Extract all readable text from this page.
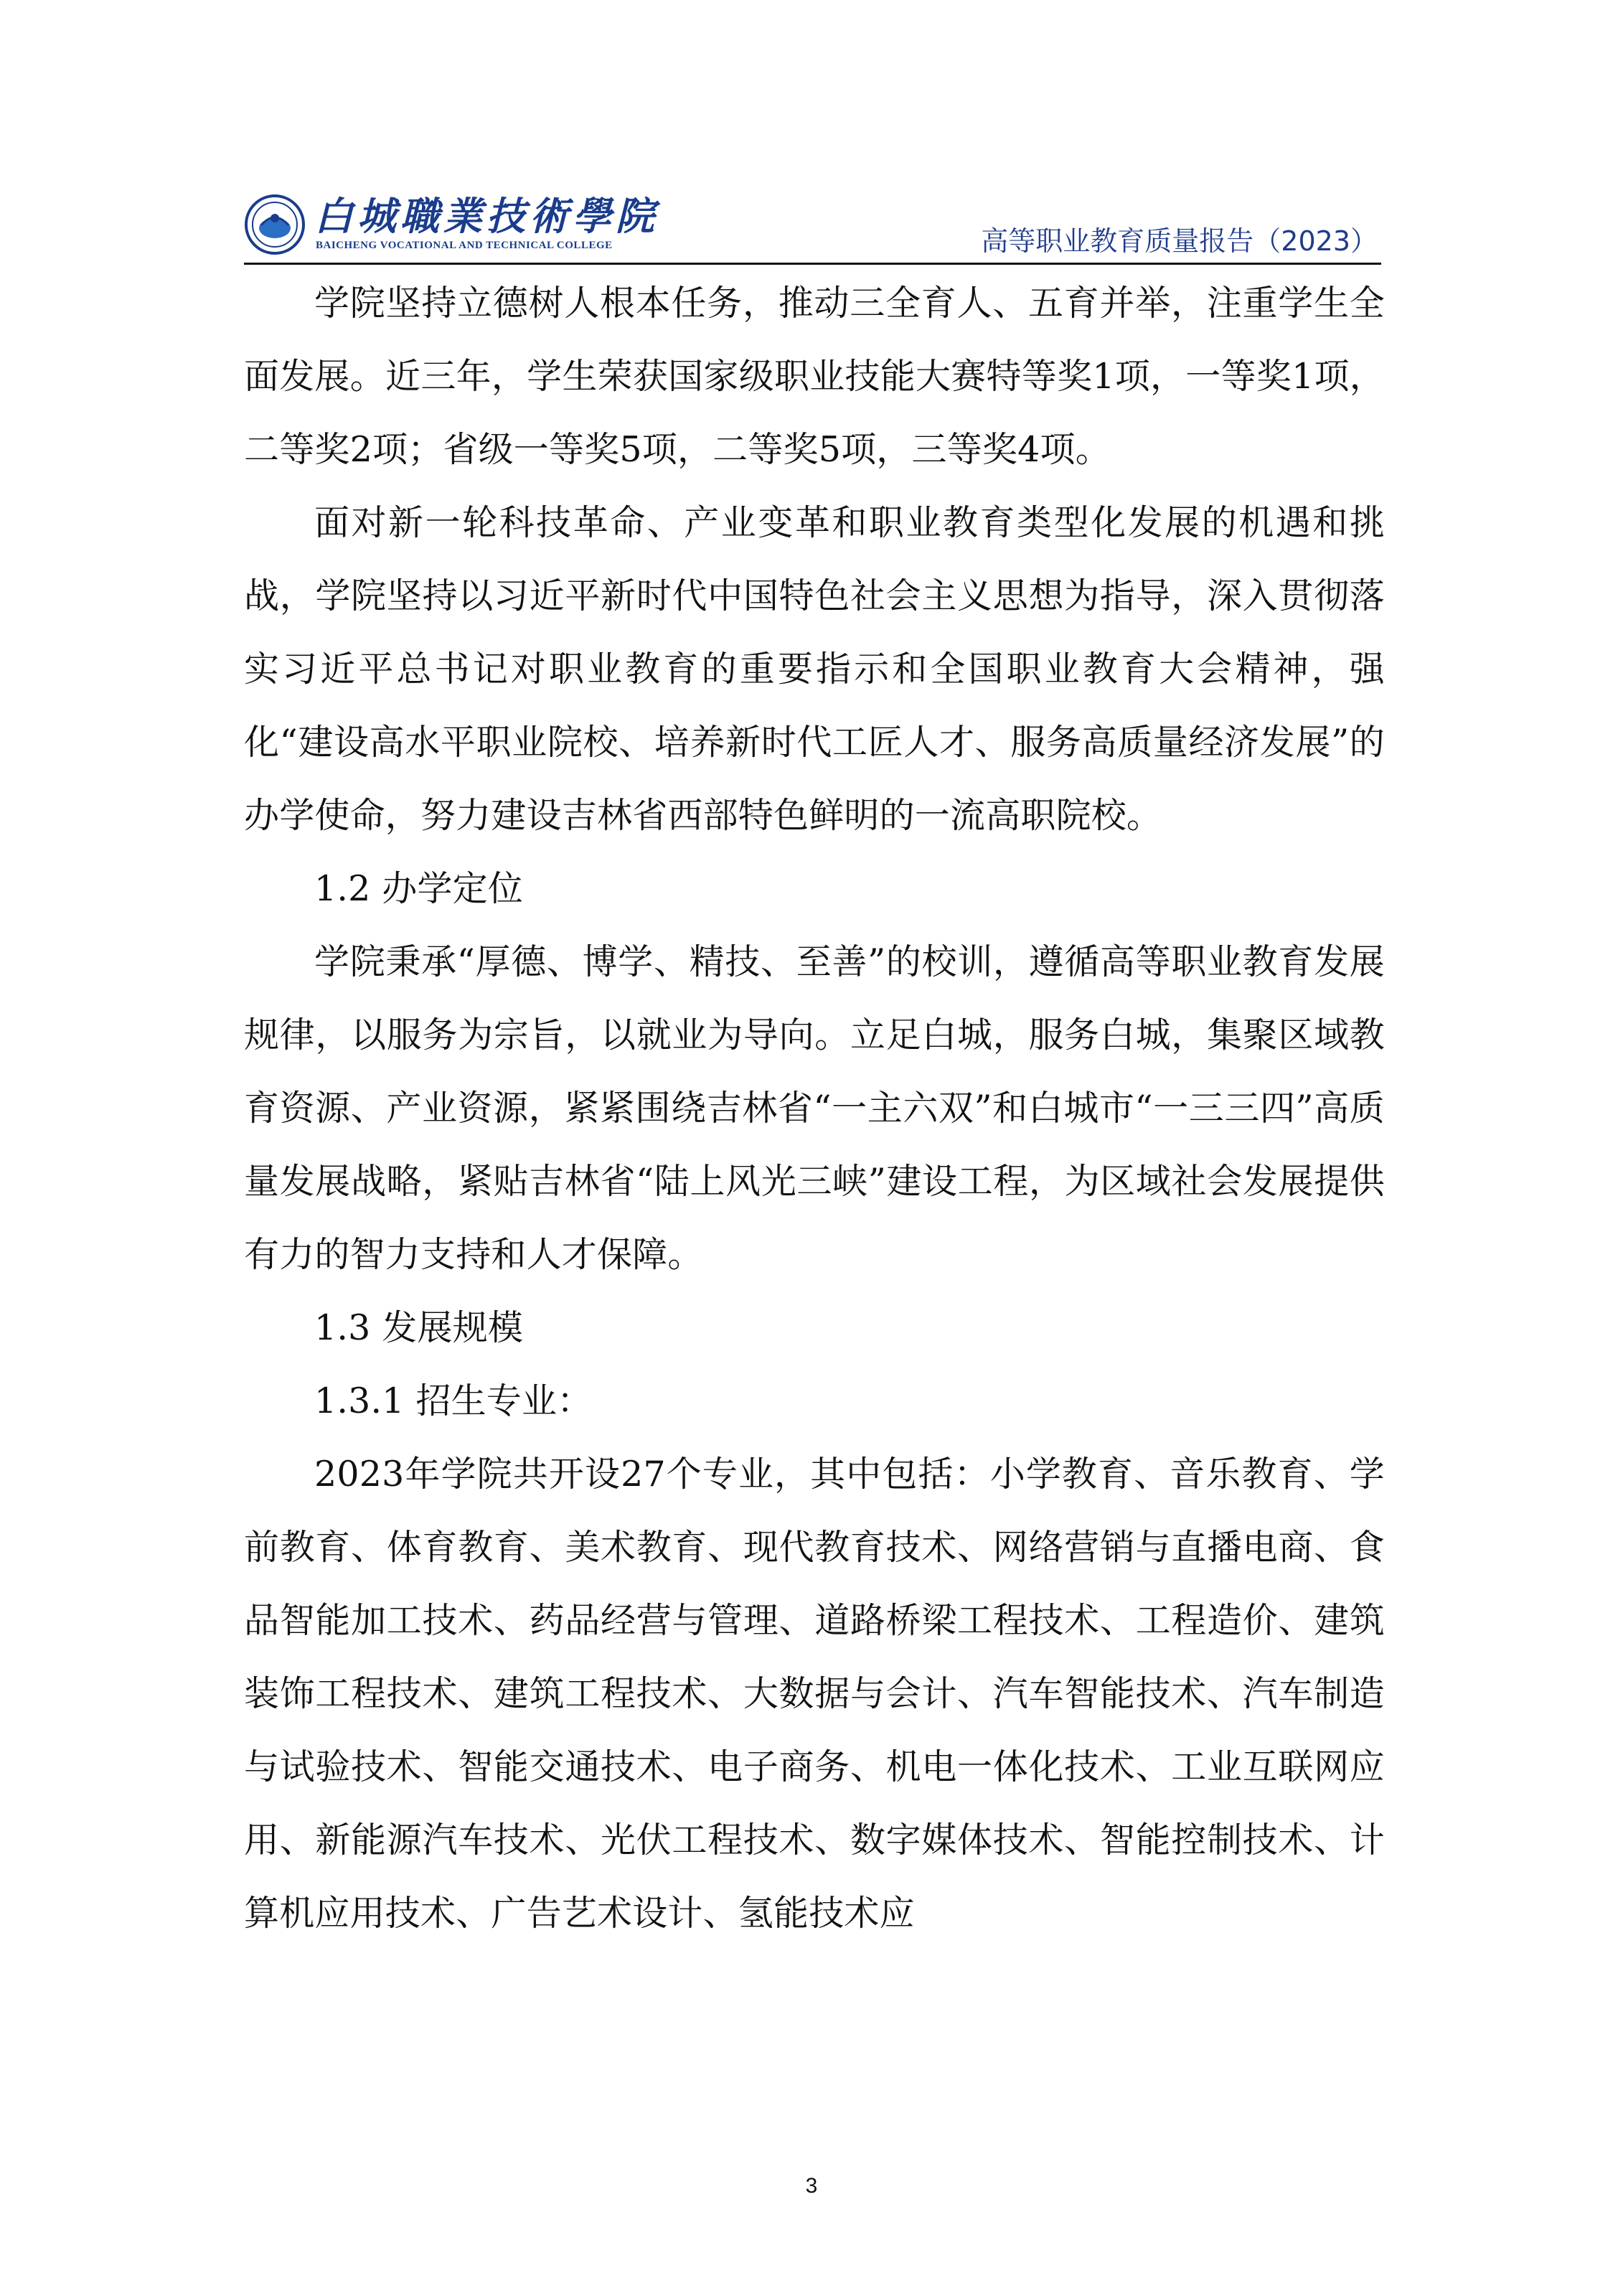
白城職業技術學院
BAICHENG VOCATIONAL AND TECHNICAL COLLEGE	高等职业教育质量报告（2023）

学院坚持立德树人根本任务，推动三全育人、五育并举，注重学生全面发展。近三年，学生荣获国家级职业技能大赛特等奖1项，一等奖1项，二等奖2项；省级一等奖5项，二等奖5项，三等奖4项。

面对新一轮科技革命、产业变革和职业教育类型化发展的机遇和挑战，学院坚持以习近平新时代中国特色社会主义思想为指导，深入贯彻落实习近平总书记对职业教育的重要指示和全国职业教育大会精神，强化“建设高水平职业院校、培养新时代工匠人才、服务高质量经济发展”的办学使命，努力建设吉林省西部特色鲜明的一流高职院校。

1.2 办学定位

学院秉承“厚德、博学、精技、至善”的校训，遵循高等职业教育发展规律，以服务为宗旨，以就业为导向。立足白城，服务白城，集聚区域教育资源、产业资源，紧紧围绕吉林省“一主六双”和白城市“一三三四”高质量发展战略，紧贴吉林省“陆上风光三峡”建设工程，为区域社会发展提供有力的智力支持和人才保障。

1.3 发展规模

1.3.1 招生专业：

2023年学院共开设27个专业，其中包括：小学教育、音乐教育、学前教育、体育教育、美术教育、现代教育技术、网络营销与直播电商、食品智能加工技术、药品经营与管理、道路桥梁工程技术、工程造价、建筑装饰工程技术、建筑工程技术、大数据与会计、汽车智能技术、汽车制造与试验技术、智能交通技术、电子商务、机电一体化技术、工业互联网应用、新能源汽车技术、光伏工程技术、数字媒体技术、智能控制技术、计算机应用技术、广告艺术设计、氢能技术应

3
